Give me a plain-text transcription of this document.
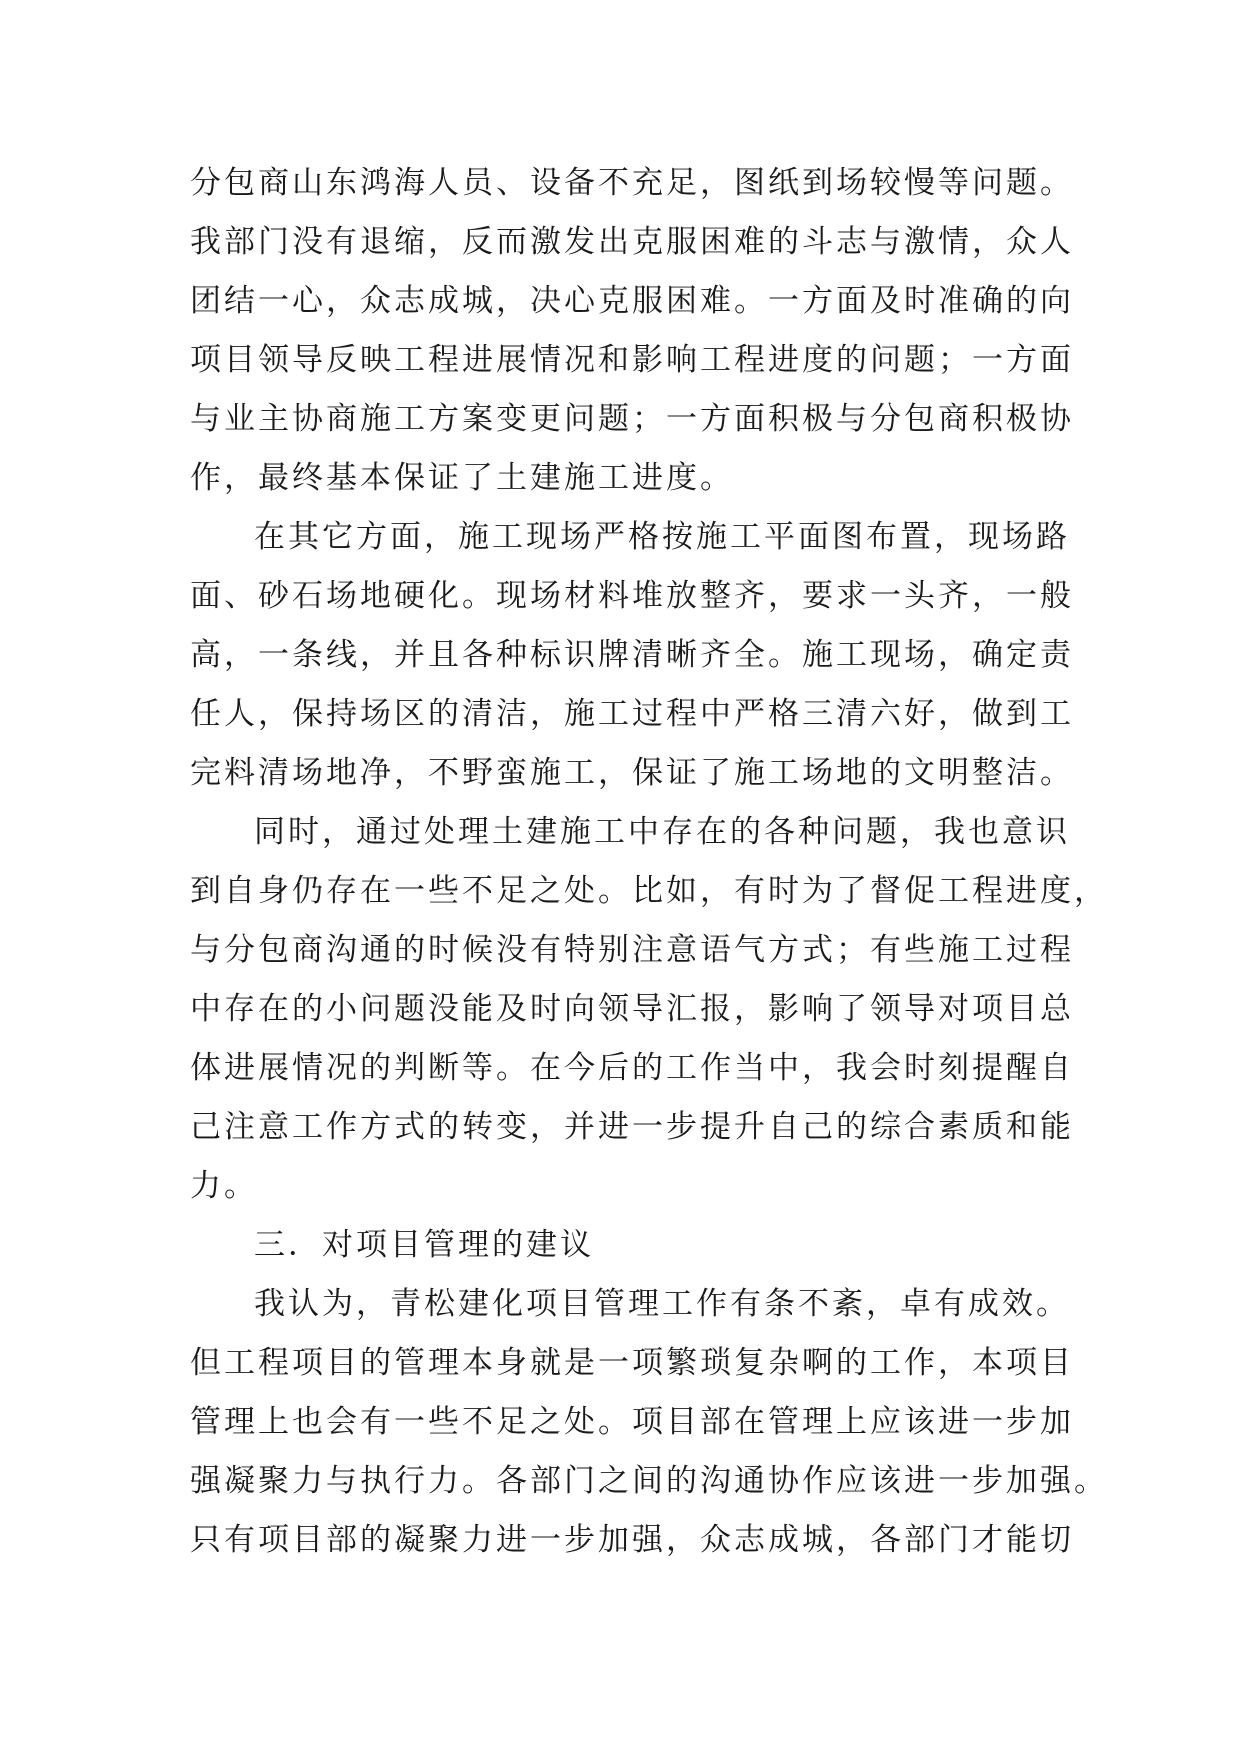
分包商山东鸿海人员、设备不充足，图纸到场较慢等问题。
我部门没有退缩，反而激发出克服困难的斗志与激情，众人
团结一心，众志成城，决心克服困难。一方面及时准确的向
项目领导反映工程进展情况和影响工程进度的问题；一方面
与业主协商施工方案变更问题；一方面积极与分包商积极协
作，最终基本保证了土建施工进度。
在其它方面，施工现场严格按施工平面图布置，现场路
面、砂石场地硬化。现场材料堆放整齐，要求一头齐，一般
高，一条线，并且各种标识牌清晰齐全。施工现场，确定责
任人，保持场区的清洁，施工过程中严格三清六好，做到工
完料清场地净，不野蛮施工，保证了施工场地的文明整洁。
同时，通过处理土建施工中存在的各种问题，我也意识
到自身仍存在一些不足之处。比如，有时为了督促工程进度，
与分包商沟通的时候没有特别注意语气方式；有些施工过程
中存在的小问题没能及时向领导汇报，影响了领导对项目总
体进展情况的判断等。在今后的工作当中，我会时刻提醒自
己注意工作方式的转变，并进一步提升自己的综合素质和能
力。
三．对项目管理的建议
我认为，青松建化项目管理工作有条不紊，卓有成效。
但工程项目的管理本身就是一项繁琐复杂啊的工作，本项目
管理上也会有一些不足之处。项目部在管理上应该进一步加
强凝聚力与执行力。各部门之间的沟通协作应该进一步加强。
只有项目部的凝聚力进一步加强，众志成城，各部门才能切
